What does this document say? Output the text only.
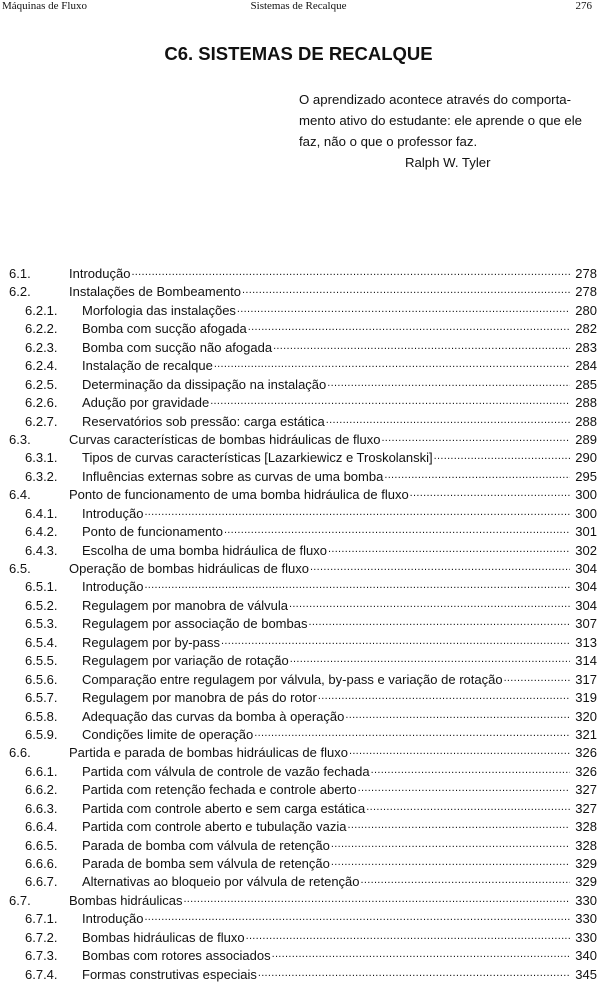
Sistemas de Recalque
Máquinas de Fluxo	276
C6. SISTEMAS DE RECALQUE
O aprendizado acontece através do comporta-
mento ativo do estudante: ele aprende o que ele
faz, não o que o professor faz.
Ralph W. Tyler
6.1.	Introdução .....	278
6.2.	Instalações de Bombeamento .....	278
6.2.1.	Morfologia das instalações .....	280
6.2.2.	Bomba com sucção afogada .....	282
6.2.3.	Bomba com sucção não afogada .....	283
6.2.4.	Instalação de recalque .....	284
6.2.5.	Determinação da dissipação na instalação .....	285
6.2.6.	Adução por gravidade .....	288
6.2.7.	Reservatórios sob pressão: carga estática .....	288
6.3.	Curvas características de bombas hidráulicas de fluxo .....	289
6.3.1.	Tipos de curvas características [Lazarkiewicz e Troskolanski] .....	290
6.3.2.	Influências externas sobre as curvas de uma bomba .....	295
6.4.	Ponto de funcionamento de uma bomba hidráulica de fluxo .....	300
6.4.1.	Introdução .....	300
6.4.2.	Ponto de funcionamento .....	301
6.4.3.	Escolha de uma bomba hidráulica de fluxo .....	302
6.5.	Operação de bombas hidráulicas de fluxo .....	304
6.5.1.	Introdução .....	304
6.5.2.	Regulagem por manobra de válvula .....	304
6.5.3.	Regulagem por associação de bombas .....	307
6.5.4.	Regulagem por by-pass .....	313
6.5.5.	Regulagem por variação de rotação .....	314
6.5.6.	Comparação entre regulagem por válvula, by-pass e variação de rotação .....	317
6.5.7.	Regulagem por manobra de pás do rotor .....	319
6.5.8.	Adequação das curvas da bomba à operação .....	320
6.5.9.	Condições limite de operação .....	321
6.6.	Partida e parada de bombas hidráulicas de fluxo .....	326
6.6.1.	Partida com válvula de controle de vazão fechada .....	326
6.6.2.	Partida com retenção fechada e controle aberto .....	327
6.6.3.	Partida com controle aberto e sem carga estática .....	327
6.6.4.	Partida com controle aberto e tubulação vazia .....	328
6.6.5.	Parada de bomba com válvula de retenção .....	328
6.6.6.	Parada de bomba sem válvula de retenção .....	329
6.6.7.	Alternativas ao bloqueio por válvula de retenção .....	329
6.7.	Bombas hidráulicas .....	330
6.7.1.	Introdução .....	330
6.7.2.	Bombas hidráulicas de fluxo .....	330
6.7.3.	Bombas com rotores associados .....	340
6.7.4.	Formas construtivas especiais .....	345
